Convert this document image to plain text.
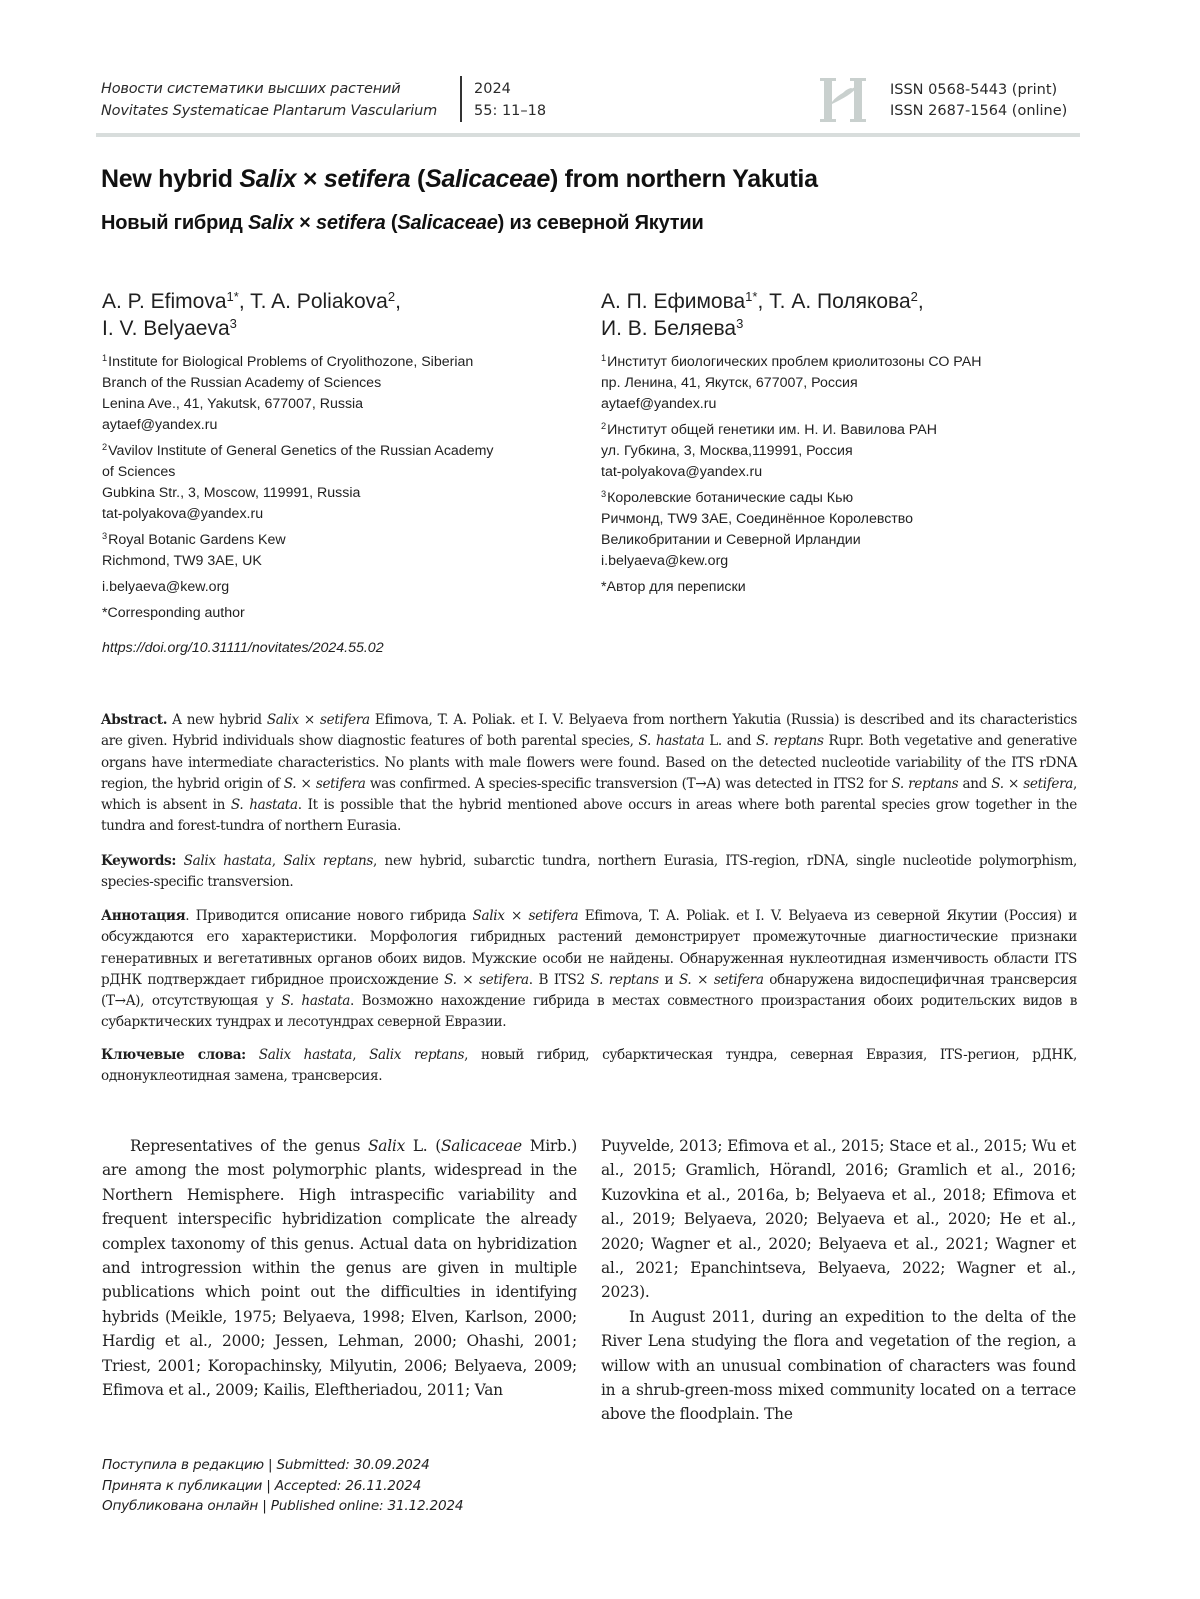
Новости систематики высших растений
Novitates Systematicae Plantarum Vascularium
2024
55: 11–18
ISSN 0568-5443 (print)
ISSN 2687-1564 (online)
New hybrid Salix × setifera (Salicaceae) from northern Yakutia
Новый гибрид Salix × setifera (Salicaceae) из северной Якутии
A. P. Efimova$^{1*}$, T. A. Poliakova$^2$,
I. V. Belyaeva$^3$
А. П. Ефимова$^{1*}$, Т. А. Полякова$^2$,
И. В. Беляева$^3$
$^1$Institute for Biological Problems of Cryolithozone, Siberian
Branch of the Russian Academy of Sciences
Lenina Ave., 41, Yakutsk, 677007, Russia
aytaef@yandex.ru
$^2$Vavilov Institute of General Genetics of the Russian Academy
of Sciences
Gubkina Str., 3, Moscow, 119991, Russia
tat-polyakova@yandex.ru
$^3$Royal Botanic Gardens Kew
Richmond, TW9 3AE, UK
i.belyaeva@kew.org
*Corresponding author
$^1$Институт биологических проблем криолитозоны СО РАН
пр. Ленина, 41, Якутск, 677007, Россия
aytaef@yandex.ru
$^2$Институт общей генетики им. Н. И. Вавилова РАН
ул. Губкина, 3, Москва,119991, Россия
tat-polyakova@yandex.ru
$^3$Королевские ботанические сады Кью
Ричмонд, TW9 3AE, Соединённое Королевство
Великобритании и Северной Ирландии
i.belyaeva@kew.org
*Автор для переписки
https://doi.org/10.31111/novitates/2024.55.02
Abstract. A new hybrid Salix × setifera Efimova, T. A. Poliak. et I. V. Belyaeva from northern Yakutia (Russia) is described and its characteristics are given. Hybrid individuals show diagnostic features of both parental species, S. hastata L. and S. reptans Rupr. Both vegetative and generative organs have intermediate characteristics. No plants with male flowers were found. Based on the detected nucleotide variability of the ITS rDNA region, the hybrid origin of S. × setifera was confirmed. A species-specific transversion (T→A) was detected in ITS2 for S. reptans and S. × setifera, which is absent in S. hastata. It is possible that the hybrid mentioned above occurs in areas where both parental species grow together in the tundra and forest-tundra of northern Eurasia.
Keywords: Salix hastata, Salix reptans, new hybrid, subarctic tundra, northern Eurasia, ITS-region, rDNA, single nucleotide polymorphism, species-specific transversion.
Аннотация. Приводится описание нового гибрида Salix × setifera Efimova, T. A. Poliak. et I. V. Belyaeva из северной Якутии (Россия) и обсуждаются его характеристики. Морфология гибридных растений демонстрирует промежуточные диагностические признаки генеративных и вегетативных органов обоих видов. Мужские особи не найдены. Обнаруженная нуклеотидная изменчивость области ITS рДНК подтверждает гибридное происхождение S. × setifera. В ITS2 S. reptans и S. × setifera обнаружена видоспецифичная трансверсия (T→A), отсутствующая у S. hastata. Возможно нахождение гибрида в местах совместного произрастания обоих родительских видов в субарктических тундрах и лесотундрах северной Евразии.
Ключевые слова: Salix hastata, Salix reptans, новый гибрид, субарктическая тундра, северная Евразия, ITS-регион, рДНК, однонуклеотидная замена, трансверсия.

Representatives of the genus Salix L. (Salicaceae Mirb.) are among the most polymorphic plants, widespread in the Northern Hemisphere. High intraspecific variability and frequent interspecific hybridization complicate the already complex taxonomy of this genus. Actual data on hybridization and introgression within the genus are given in multiple publications which point out the difficulties in identifying hybrids (Meikle, 1975; Belyaeva, 1998; Elven, Karlson, 2000; Hardig et al., 2000; Jessen, Lehman, 2000; Ohashi, 2001; Triest, 2001; Koropachinsky, Milyutin, 2006; Belyaeva, 2009; Efimova et al., 2009; Kailis, Eleftheriadou, 2011; Van

Puyvelde, 2013; Efimova et al., 2015; Stace et al., 2015; Wu et al., 2015; Gramlich, Hörandl, 2016; Gramlich et al., 2016; Kuzovkina et al., 2016a, b; Belyaeva et al., 2018; Efimova et al., 2019; Belyaeva, 2020; Belyaeva et al., 2020; He et al., 2020; Wagner et al., 2020; Belyaeva et al., 2021; Wagner et al., 2021; Epanchintseva, Belyaeva, 2022; Wagner et al., 2023).

In August 2011, during an expedition to the delta of the River Lena studying the flora and vegetation of the region, a willow with an unusual combination of characters was found in a shrub-green-moss mixed community located on a terrace above the floodplain. The

Поступила в редакцию | Submitted: 30.09.2024
Принята к публикации | Accepted: 26.11.2024
Опубликована онлайн | Published online: 31.12.2024
